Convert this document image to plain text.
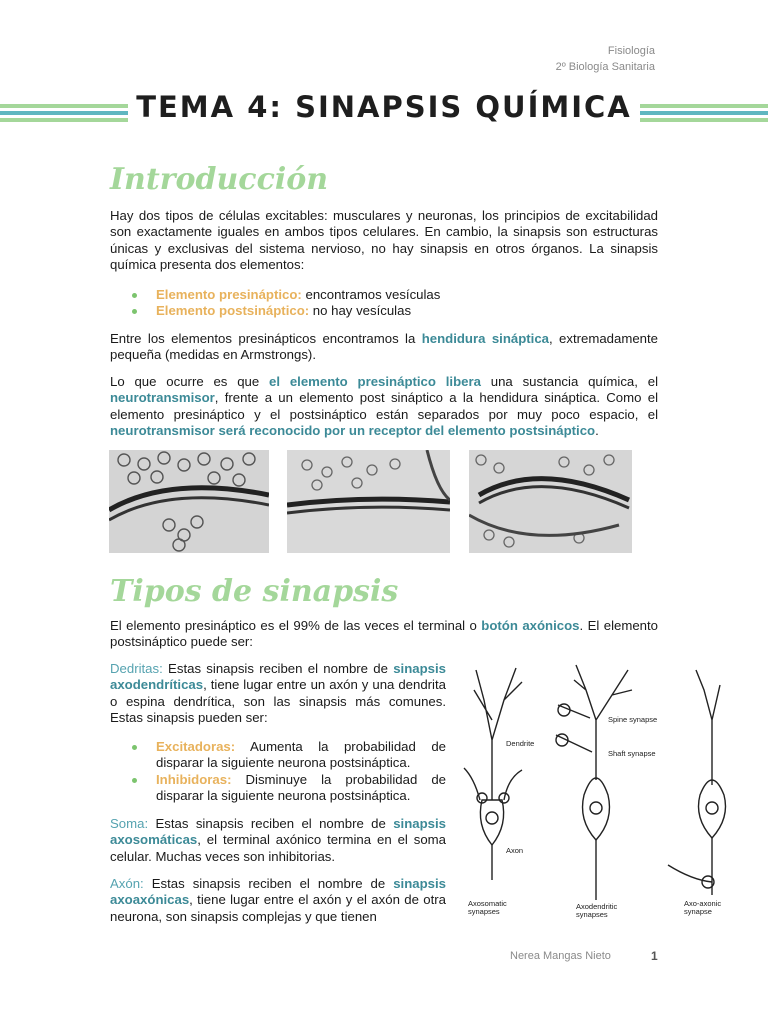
Fisiología
2º Biología Sanitaria
TEMA 4: SINAPSIS QUÍMICA
Introducción
Hay dos tipos de células excitables: musculares y neuronas, los principios de excitabilidad son exactamente iguales en ambos tipos celulares. En cambio, la sinapsis son estructuras únicas y exclusivas del sistema nervioso, no hay sinapsis en otros órganos. La sinapsis química presenta dos elementos:
Elemento presináptico: encontramos vesículas
Elemento postsináptico: no hay vesículas
Entre los elementos presinápticos encontramos la hendidura sináptica, extremadamente pequeña (medidas en Armstrongs).
Lo que ocurre es que el elemento presináptico libera una sustancia química, el neurotransmisor, frente a un elemento post sináptico a la hendidura sináptica. Como el elemento presináptico y el postsináptico están separados por muy poco espacio, el neurotransmisor será reconocido por un receptor del elemento postsináptico.
Tipos de sinapsis
El elemento presináptico es el 99% de las veces el terminal o botón axónicos. El elemento postsináptico puede ser:
Dedritas: Estas sinapsis reciben el nombre de sinapsis axodendríticas, tiene lugar entre un axón y una dendrita o espina dendrítica, son las sinapsis más comunes. Estas sinapsis pueden ser:
Excitadoras: Aumenta la probabilidad de disparar la siguiente neurona postsináptica.
Inhibidoras: Disminuye la probabilidad de disparar la siguiente neurona postsináptica.
Soma: Estas sinapsis reciben el nombre de sinapsis axosomáticas, el terminal axónico termina en el soma celular. Muchas veces son inhibitorias.
Axón: Estas sinapsis reciben el nombre de sinapsis axoaxónicas, tiene lugar entre el axón y el axón de otra neurona, son sinapsis complejas y que tienen
Dendrite
Axon
Spine synapse
Shaft synapse
Axosomatic synapses
Axodendritic synapses
Axo-axonic synapse
Nerea Mangas Nieto	1
